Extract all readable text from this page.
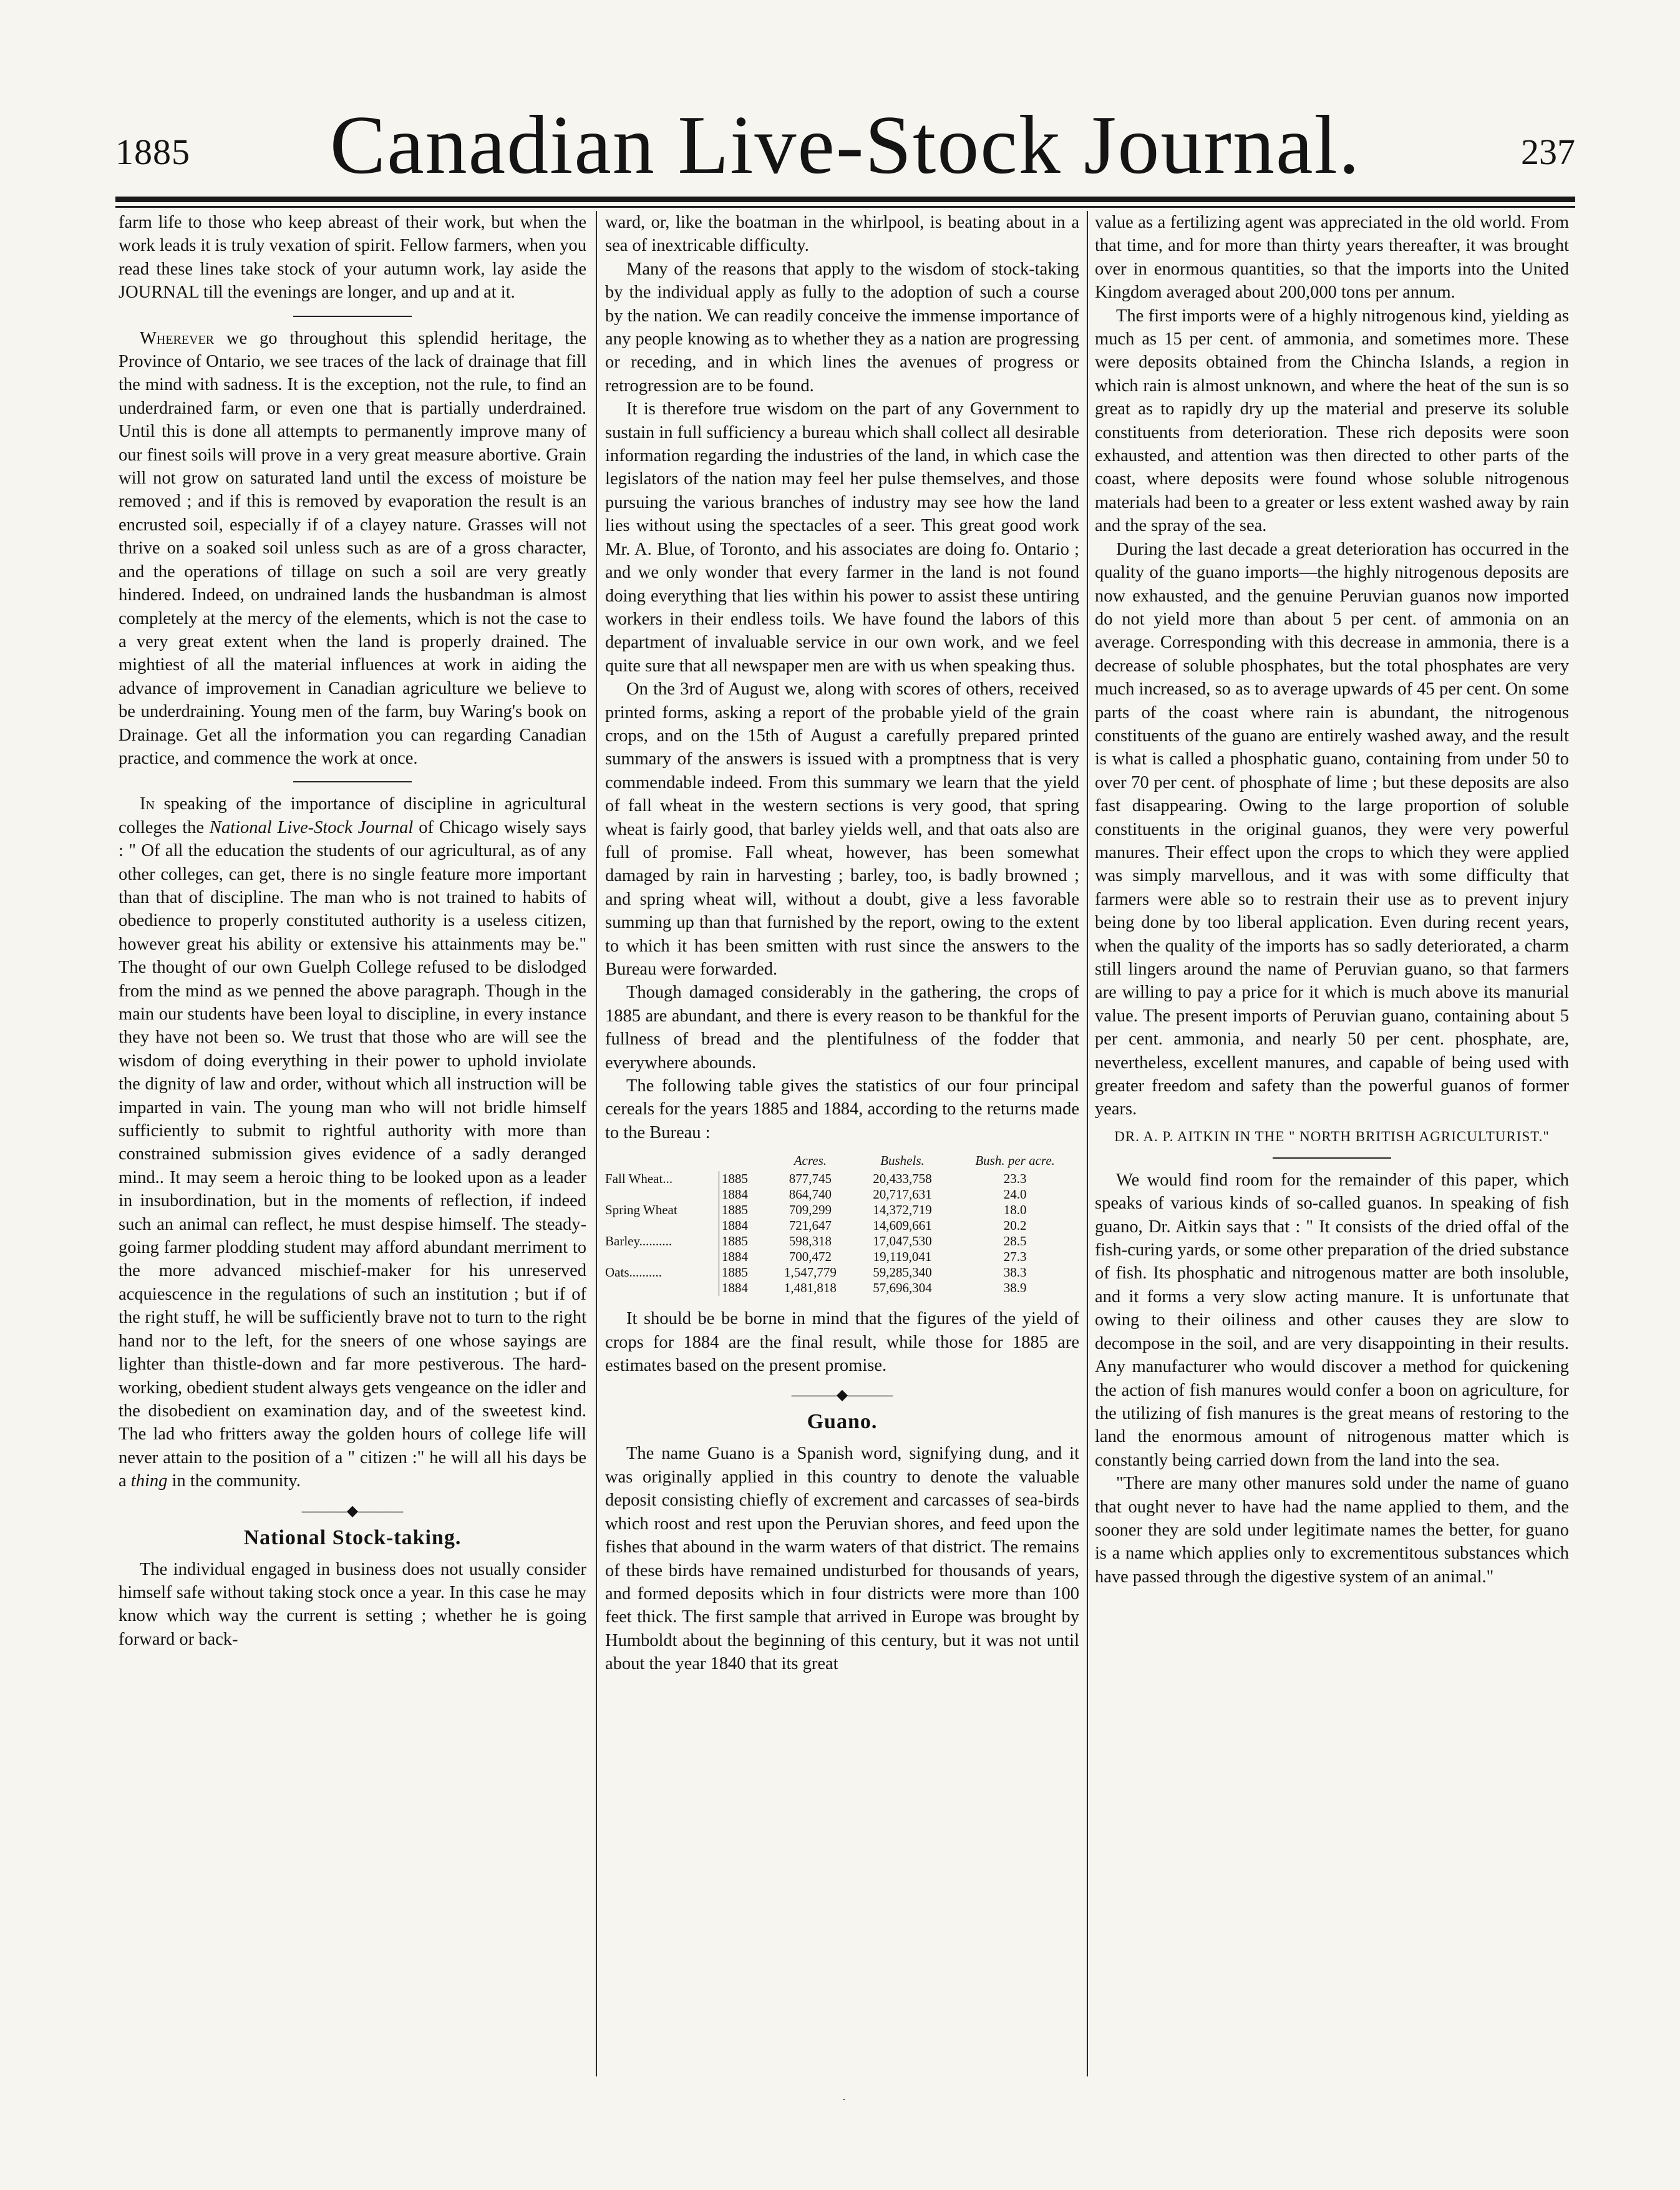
1885	Canadian Live-Stock Journal.	237

farm life to those who keep abreast of their work, but when the work leads it is truly vexation of spirit. Fellow farmers, when you read these lines take stock of your autumn work, lay aside the JOURNAL till the evenings are longer, and up and at it.

Wherever we go throughout this splendid heritage, the Province of Ontario, we see traces of the lack of drainage that fill the mind with sadness. It is the exception, not the rule, to find an underdrained farm, or even one that is partially underdrained. Until this is done all attempts to permanently improve many of our finest soils will prove in a very great measure abortive. Grain will not grow on saturated land until the excess of moisture be removed ; and if this is removed by evaporation the result is an encrusted soil, especially if of a clayey nature. Grasses will not thrive on a soaked soil unless such as are of a gross character, and the operations of tillage on such a soil are very greatly hindered. Indeed, on undrained lands the husbandman is almost completely at the mercy of the elements, which is not the case to a very great extent when the land is properly drained. The mightiest of all the material influences at work in aiding the advance of improvement in Canadian agriculture we believe to be underdraining. Young men of the farm, buy Waring's book on Drainage. Get all the information you can regarding Canadian practice, and commence the work at once.

In speaking of the importance of discipline in agricultural colleges the National Live-Stock Journal of Chicago wisely says : " Of all the education the students of our agricultural, as of any other colleges, can get, there is no single feature more important than that of discipline. The man who is not trained to habits of obedience to properly constituted authority is a useless citizen, however great his ability or extensive his attainments may be." The thought of our own Guelph College refused to be dislodged from the mind as we penned the above paragraph. Though in the main our students have been loyal to discipline, in every instance they have not been so. We trust that those who are will see the wisdom of doing everything in their power to uphold inviolate the dignity of law and order, without which all instruction will be imparted in vain. The young man who will not bridle himself sufficiently to submit to rightful authority with more than constrained submission gives evidence of a sadly deranged mind.. It may seem a heroic thing to be looked upon as a leader in insubordination, but in the moments of reflection, if indeed such an animal can reflect, he must despise himself. The steady-going farmer plodding student may afford abundant merriment to the more advanced mischief-maker for his unreserved acquiescence in the regulations of such an institution ; but if of the right stuff, he will be sufficiently brave not to turn to the right hand nor to the left, for the sneers of one whose sayings are lighter than thistle-down and far more pestiverous. The hard-working, obedient student always gets vengeance on the idler and the disobedient on examination day, and of the sweetest kind. The lad who fritters away the golden hours of college life will never attain to the position of a " citizen :" he will all his days be a thing in the community.

———◆———
National Stock-taking.

The individual engaged in business does not usually consider himself safe without taking stock once a year. In this case he may know which way the current is setting ; whether he is going forward or back-

ward, or, like the boatman in the whirlpool, is beating about in a sea of inextricable difficulty.

Many of the reasons that apply to the wisdom of stock-taking by the individual apply as fully to the adoption of such a course by the nation. We can readily conceive the immense importance of any people knowing as to whether they as a nation are progressing or receding, and in which lines the avenues of progress or retrogression are to be found.

It is therefore true wisdom on the part of any Government to sustain in full sufficiency a bureau which shall collect all desirable information regarding the industries of the land, in which case the legislators of the nation may feel her pulse themselves, and those pursuing the various branches of industry may see how the land lies without using the spectacles of a seer. This great good work Mr. A. Blue, of Toronto, and his associates are doing fo. Ontario ; and we only wonder that every farmer in the land is not found doing everything that lies within his power to assist these untiring workers in their endless toils. We have found the labors of this department of invaluable service in our own work, and we feel quite sure that all newspaper men are with us when speaking thus.

On the 3rd of August we, along with scores of others, received printed forms, asking a report of the probable yield of the grain crops, and on the 15th of August a carefully prepared printed summary of the answers is issued with a promptness that is very commendable indeed. From this summary we learn that the yield of fall wheat in the western sections is very good, that spring wheat is fairly good, that barley yields well, and that oats also are full of promise. Fall wheat, however, has been somewhat damaged by rain in harvesting ; barley, too, is badly browned ; and spring wheat will, without a doubt, give a less favorable summing up than that furnished by the report, owing to the extent to which it has been smitten with rust since the answers to the Bureau were forwarded.

Though damaged considerably in the gathering, the crops of 1885 are abundant, and there is every reason to be thankful for the fullness of bread and the plentifulness of the fodder that everywhere abounds.

The following table gives the statistics of our four principal cereals for the years 1885 and 1884, according to the returns made to the Bureau :

		Acres.	Bushels.	Bush. per acre.
Fall Wheat...	1885	877,745	20,433,758	23.3
	1884	864,740	20,717,631	24.0
Spring Wheat	1885	709,299	14,372,719	18.0
	1884	721,647	14,609,661	20.2
Barley..........	1885	598,318	17,047,530	28.5
	1884	700,472	19,119,041	27.3
Oats..........	1885	1,547,779	59,285,340	38.3
	1884	1,481,818	57,696,304	38.9

It should be be borne in mind that the figures of the yield of crops for 1884 are the final result, while those for 1885 are estimates based on the present promise.

———◆———
Guano.

The name Guano is a Spanish word, signifying dung, and it was originally applied in this country to denote the valuable deposit consisting chiefly of excrement and carcasses of sea-birds which roost and rest upon the Peruvian shores, and feed upon the fishes that abound in the warm waters of that district. The remains of these birds have remained undisturbed for thousands of years, and formed deposits which in four districts were more than 100 feet thick. The first sample that arrived in Europe was brought by Humboldt about the beginning of this century, but it was not until about the year 1840 that its great

value as a fertilizing agent was appreciated in the old world. From that time, and for more than thirty years thereafter, it was brought over in enormous quantities, so that the imports into the United Kingdom averaged about 200,000 tons per annum.

The first imports were of a highly nitrogenous kind, yielding as much as 15 per cent. of ammonia, and sometimes more. These were deposits obtained from the Chincha Islands, a region in which rain is almost unknown, and where the heat of the sun is so great as to rapidly dry up the material and preserve its soluble constituents from deterioration. These rich deposits were soon exhausted, and attention was then directed to other parts of the coast, where deposits were found whose soluble nitrogenous materials had been to a greater or less extent washed away by rain and the spray of the sea.

During the last decade a great deterioration has occurred in the quality of the guano imports—the highly nitrogenous deposits are now exhausted, and the genuine Peruvian guanos now imported do not yield more than about 5 per cent. of ammonia on an average. Corresponding with this decrease in ammonia, there is a decrease of soluble phosphates, but the total phosphates are very much increased, so as to average upwards of 45 per cent. On some parts of the coast where rain is abundant, the nitrogenous constituents of the guano are entirely washed away, and the result is what is called a phosphatic guano, containing from under 50 to over 70 per cent. of phosphate of lime ; but these deposits are also fast disappearing. Owing to the large proportion of soluble constituents in the original guanos, they were very powerful manures. Their effect upon the crops to which they were applied was simply marvellous, and it was with some difficulty that farmers were able so to restrain their use as to prevent injury being done by too liberal application. Even during recent years, when the quality of the imports has so sadly deteriorated, a charm still lingers around the name of Peruvian guano, so that farmers are willing to pay a price for it which is much above its manurial value. The present imports of Peruvian guano, containing about 5 per cent. ammonia, and nearly 50 per cent. phosphate, are, nevertheless, excellent manures, and capable of being used with greater freedom and safety than the powerful guanos of former years.

DR. A. P. AITKIN IN THE " NORTH BRITISH AGRICULTURIST."

We would find room for the remainder of this paper, which speaks of various kinds of so-called guanos. In speaking of fish guano, Dr. Aitkin says that : " It consists of the dried offal of the fish-curing yards, or some other preparation of the dried substance of fish. Its phosphatic and nitrogenous matter are both insoluble, and it forms a very slow acting manure. It is unfortunate that owing to their oiliness and other causes they are slow to decompose in the soil, and are very disappointing in their results. Any manufacturer who would discover a method for quickening the action of fish manures would confer a boon on agriculture, for the utilizing of fish manures is the great means of restoring to the land the enormous amount of nitrogenous matter which is constantly being carried down from the land into the sea.

"There are many other manures sold under the name of guano that ought never to have had the name applied to them, and the sooner they are sold under legitimate names the better, for guano is a name which applies only to excrementitous substances which have passed through the digestive system of an animal."

·
